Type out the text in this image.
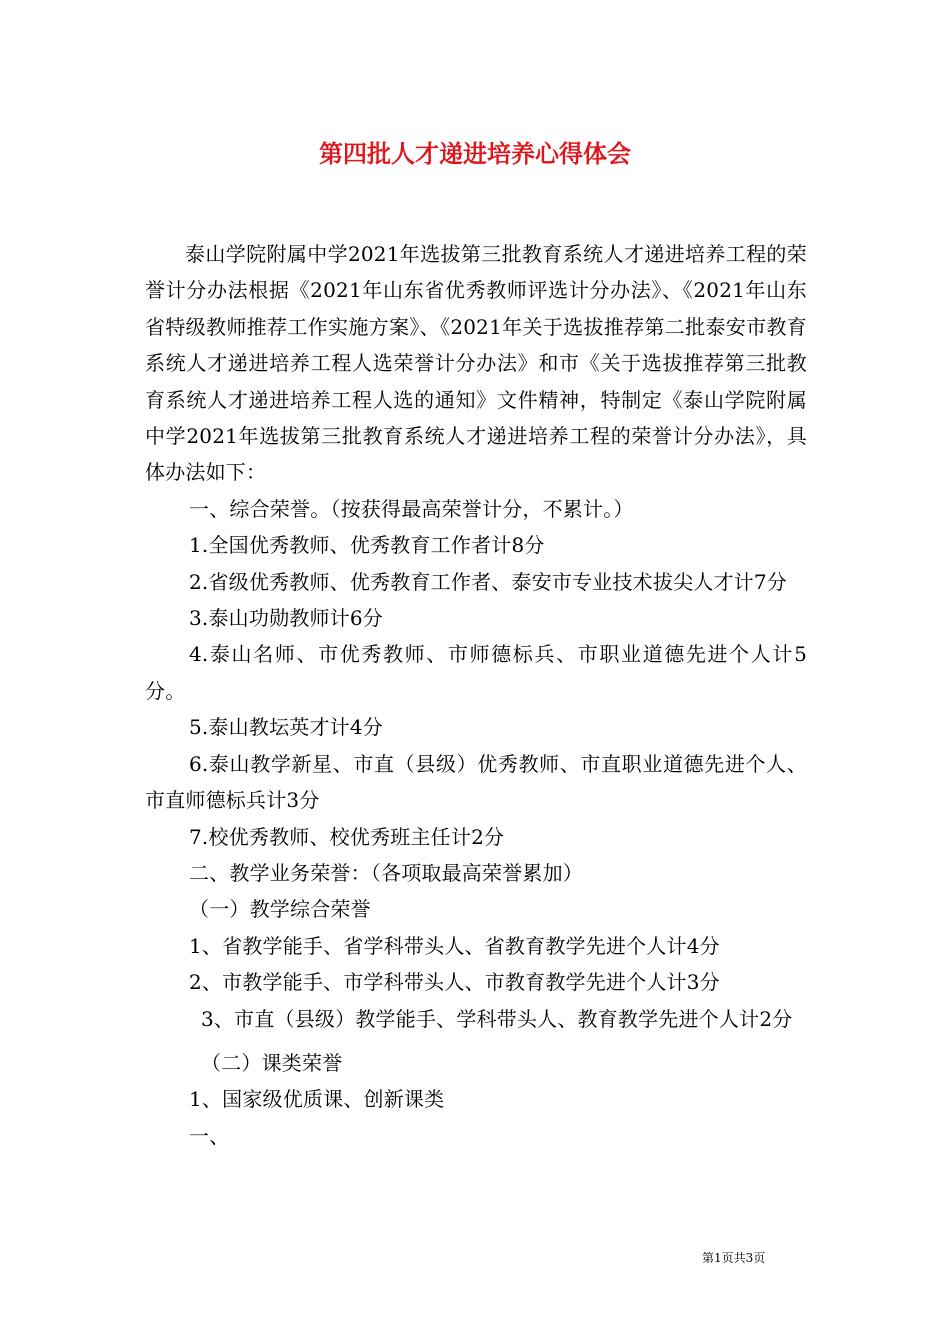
第四批人才递进培养心得体会

泰山学院附属中学2021年选拔第三批教育系统人才递进培养工程的荣誉计分办法根据《2021年山东省优秀教师评选计分办法》、《2021年山东省特级教师推荐工作实施方案》、《2021年关于选拔推荐第二批泰安市教育系统人才递进培养工程人选荣誉计分办法》和市《关于选拔推荐第三批教育系统人才递进培养工程人选的通知》文件精神，特制定《泰山学院附属中学2021年选拔第三批教育系统人才递进培养工程的荣誉计分办法》，具体办法如下：

一、综合荣誉。（按获得最高荣誉计分，不累计。）

1.全国优秀教师、优秀教育工作者计8分

2.省级优秀教师、优秀教育工作者、泰安市专业技术拔尖人才计7分

3.泰山功勋教师计6分

4.泰山名师、市优秀教师、市师德标兵、市职业道德先进个人计5分。

5.泰山教坛英才计4分

6.泰山教学新星、市直（县级）优秀教师、市直职业道德先进个人、市直师德标兵计3分

7.校优秀教师、校优秀班主任计2分

二、教学业务荣誉：（各项取最高荣誉累加）

（一）教学综合荣誉

1、省教学能手、省学科带头人、省教育教学先进个人计4分

2、市教学能手、市学科带头人、市教育教学先进个人计3分

3、市直（县级）教学能手、学科带头人、教育教学先进个人计2分

（二）课类荣誉

1、国家级优质课、创新课类

一、

第1页共3页
